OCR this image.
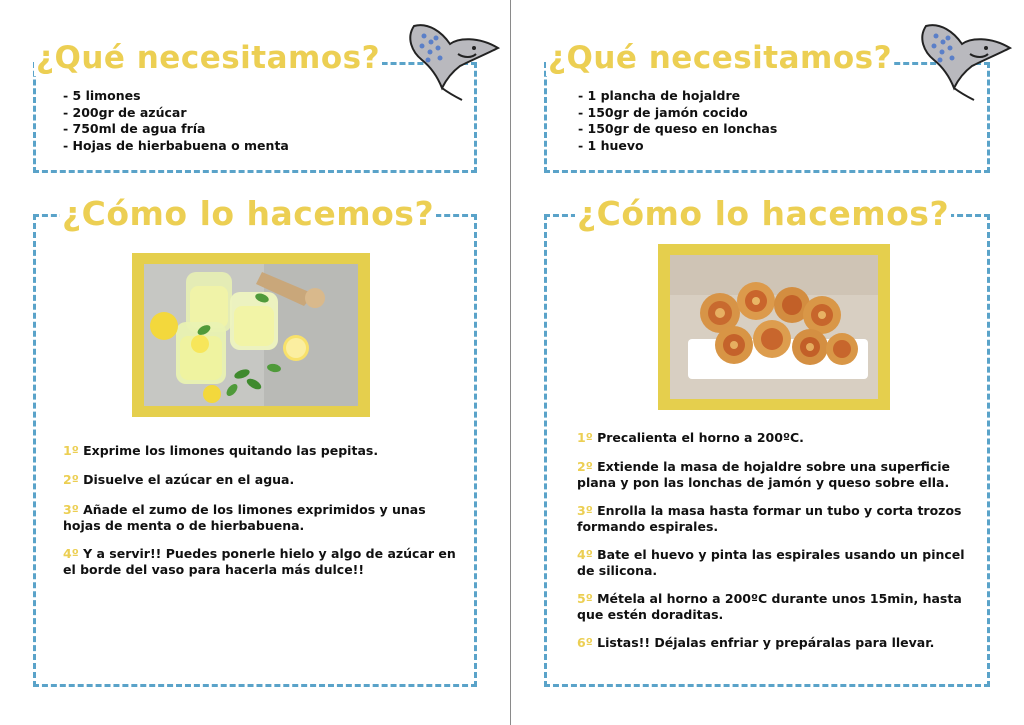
¿Qué necesitamos?
- 5 limones
- 200gr de azúcar
- 750ml de agua fría
- Hojas de hierbabuena o menta
¿Cómo lo hacemos?

1º Exprime los limones quitando las pepitas.

2º Disuelve el azúcar en el agua.

3º Añade el zumo de los limones exprimidos y unas hojas de menta o de hierbabuena.

4º Y a servir!! Puedes ponerle hielo y algo de azúcar en el borde del vaso para hacerla más dulce!!

¿Qué necesitamos?
- 1 plancha de hojaldre
- 150gr de jamón cocido
- 150gr de queso en lonchas
- 1 huevo
¿Cómo lo hacemos?

1º Precalienta el horno a 200ºC.

2º Extiende la masa de hojaldre sobre una superficie plana y pon las lonchas de jamón y queso sobre ella.

3º Enrolla la masa hasta formar un tubo y corta trozos formando espirales.

4º Bate el huevo y pinta las espirales usando un pincel de silicona.

5º Métela al horno a 200ºC durante unos 15min, hasta que estén doraditas.

6º Listas!! Déjalas enfriar y prepáralas para llevar.
